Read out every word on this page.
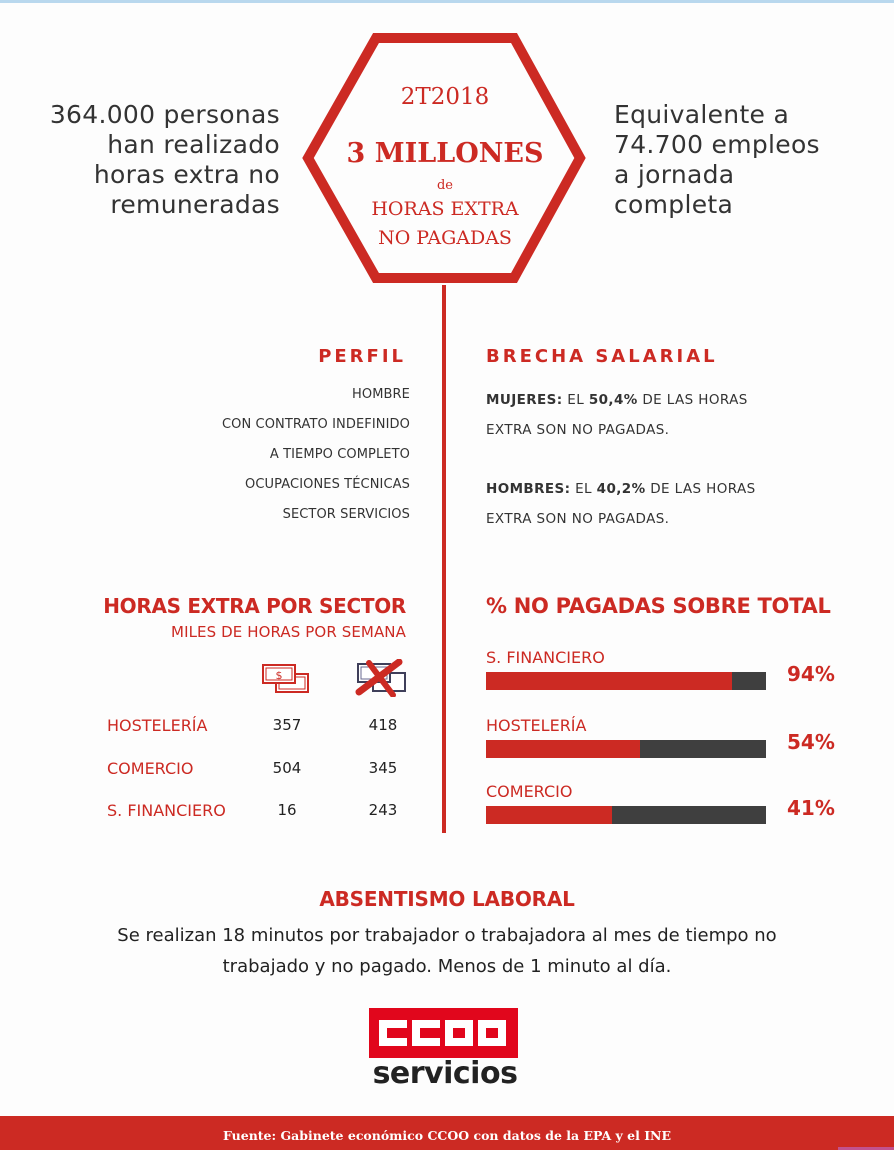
364.000 personas
han realizado
horas extra no
remuneradas
Equivalente a
74.700 empleos
a jornada
completa
2T2018
3 MILLONES
de
HORAS EXTRA
NO PAGADAS
PERFIL
HOMBRE
CON CONTRATO INDEFINIDO
A TIEMPO COMPLETO
OCUPACIONES TÉCNICAS
SECTOR SERVICIOS
BRECHA SALARIAL

MUJERES: EL 50,4% DE LAS HORAS

EXTRA SON NO PAGADAS.

HOMBRES: EL 40,2% DE LAS HORAS

EXTRA SON NO PAGADAS.

HORAS EXTRA POR SECTOR
MILES DE HORAS POR SEMANA
$
HOSTELERÍA	357	418
COMERCIO	504	345
S. FINANCIERO	16	243
% NO PAGADAS SOBRE TOTAL
S. FINANCIERO
94%
HOSTELERÍA
54%
COMERCIO
41%
ABSENTISMO LABORAL
Se realizan 18 minutos por trabajador o trabajadora al mes de tiempo no
trabajado y no pagado. Menos de 1 minuto al día.
servicios
Fuente: Gabinete económico CCOO con datos de la EPA y el INE
